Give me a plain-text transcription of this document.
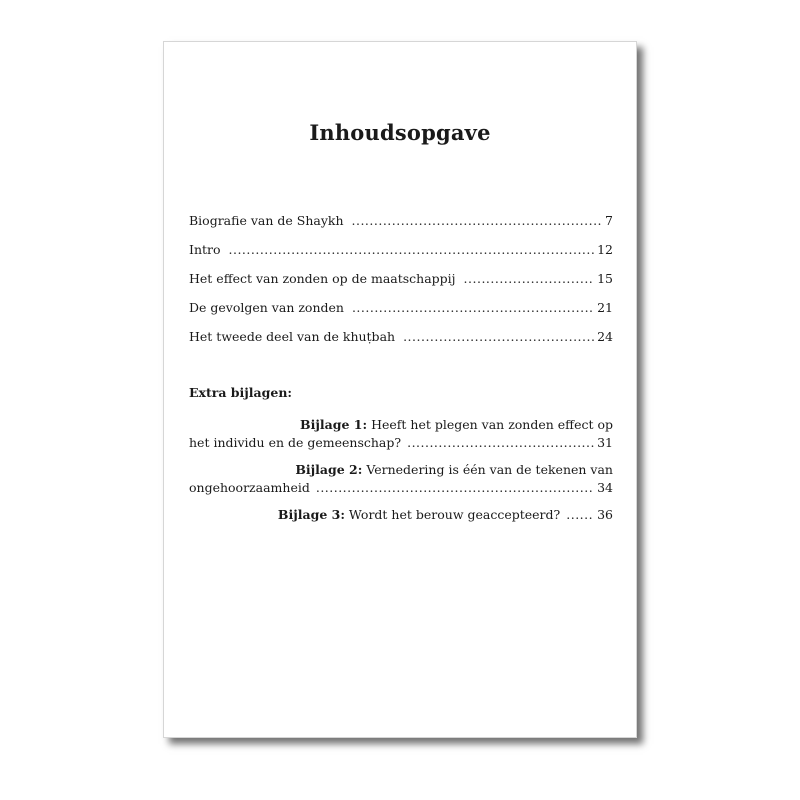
Inhoudsopgave
Biografie van de Shaykh .....	7
Intro .....	12
Het effect van zonden op de maatschappij .....	15
De gevolgen van zonden .....	21
Het tweede deel van de khuṭbah .....	24
Extra bijlagen:
Bijlage 1: Heeft het plegen van zonden effect op
het individu en de gemeenschap? .....	31
Bijlage 2: Vernedering is één van de tekenen van
ongehoorzaamheid .....	34
Bijlage 3:
Wordt het berouw geaccepteerd? ...... 36
